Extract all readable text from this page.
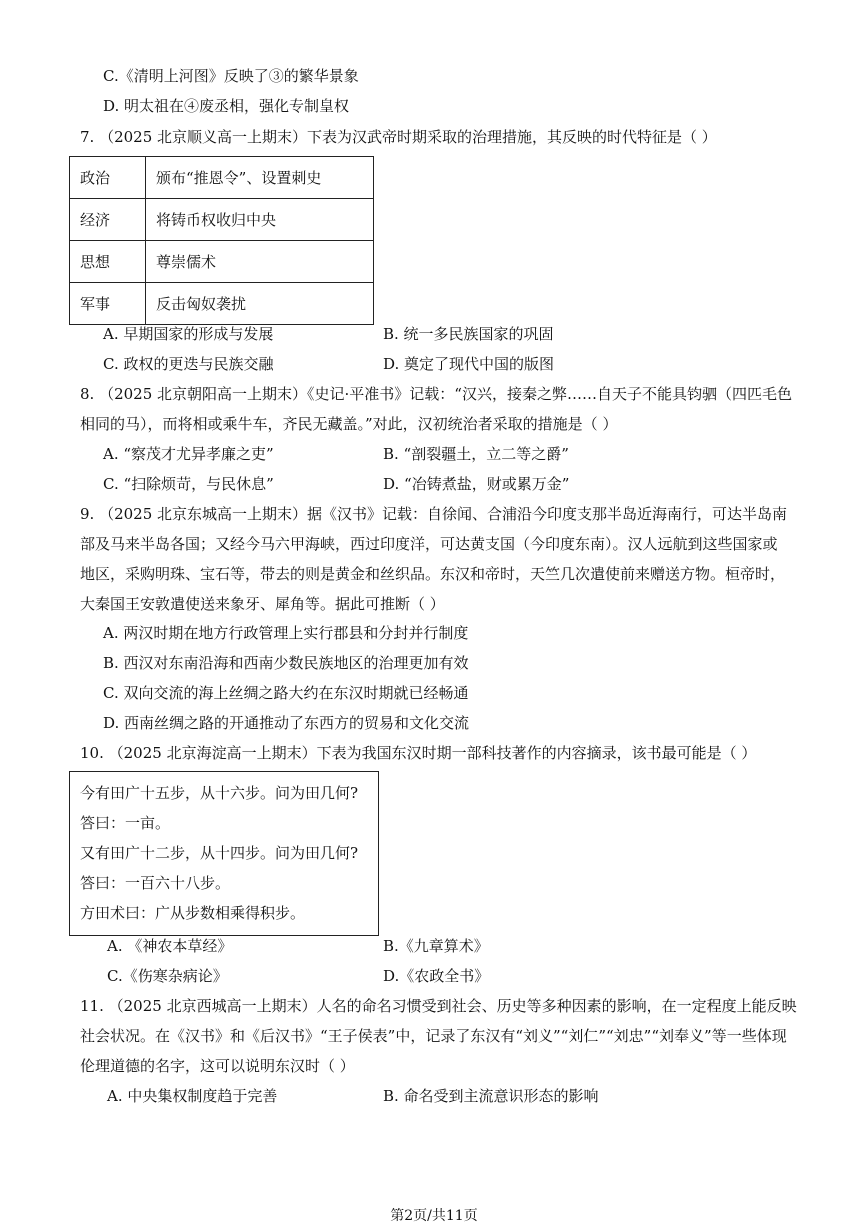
C.《清明上河图》反映了③的繁华景象
D. 明太祖在④废丞相，强化专制皇权
7. （2025 北京顺义高一上期末）下表为汉武帝时期采取的治理措施，其反映的时代特征是（ ）
政治	颁布“推恩令”、设置刺史
经济	将铸币权收归中央
思想	尊崇儒术
军事	反击匈奴袭扰
A. 早期国家的形成与发展	B. 统一多民族国家的巩固
C. 政权的更迭与民族交融	D. 奠定了现代中国的版图
8. （2025 北京朝阳高一上期末）《史记·平准书》记载：“汉兴，接秦之弊……自天子不能具钧驷（四匹毛色
相同的马），而将相或乘牛车，齐民无藏盖。”对此，汉初统治者采取的措施是（ ）
A. “察茂才尤异孝廉之吏”	B. “剖裂疆土，立二等之爵”
C. “扫除烦苛，与民休息”	D. “冶铸煮盐，财或累万金”
9. （2025 北京东城高一上期末）据《汉书》记载：自徐闻、合浦沿今印度支那半岛近海南行，可达半岛南
部及马来半岛各国；又经今马六甲海峡，西过印度洋，可达黄支国（今印度东南）。汉人远航到这些国家或
地区，采购明珠、宝石等，带去的则是黄金和丝织品。东汉和帝时，天竺几次遣使前来赠送方物。桓帝时，
大秦国王安敦遣使送来象牙、犀角等。据此可推断（ ）
A. 两汉时期在地方行政管理上实行郡县和分封并行制度
B. 西汉对东南沿海和西南少数民族地区的治理更加有效
C. 双向交流的海上丝绸之路大约在东汉时期就已经畅通
D. 西南丝绸之路的开通推动了东西方的贸易和文化交流
10. （2025 北京海淀高一上期末）下表为我国东汉时期一部科技著作的内容摘录，该书最可能是（ ）
今有田广十五步，从十六步。问为田几何?
答曰：一亩。
又有田广十二步，从十四步。问为田几何?
答曰：一百六十八步。
方田术曰：广从步数相乘得积步。
A. 《神农本草经》	B.《九章算术》
C.《伤寒杂病论》	D.《农政全书》
11. （2025 北京西城高一上期末）人名的命名习惯受到社会、历史等多种因素的影响，在一定程度上能反映
社会状况。在《汉书》和《后汉书》“王子侯表”中，记录了东汉有“刘义”“刘仁”“刘忠”“刘奉义”等一些体现
伦理道德的名字，这可以说明东汉时（ ）
A. 中央集权制度趋于完善	B. 命名受到主流意识形态的影响
第2页/共11页
